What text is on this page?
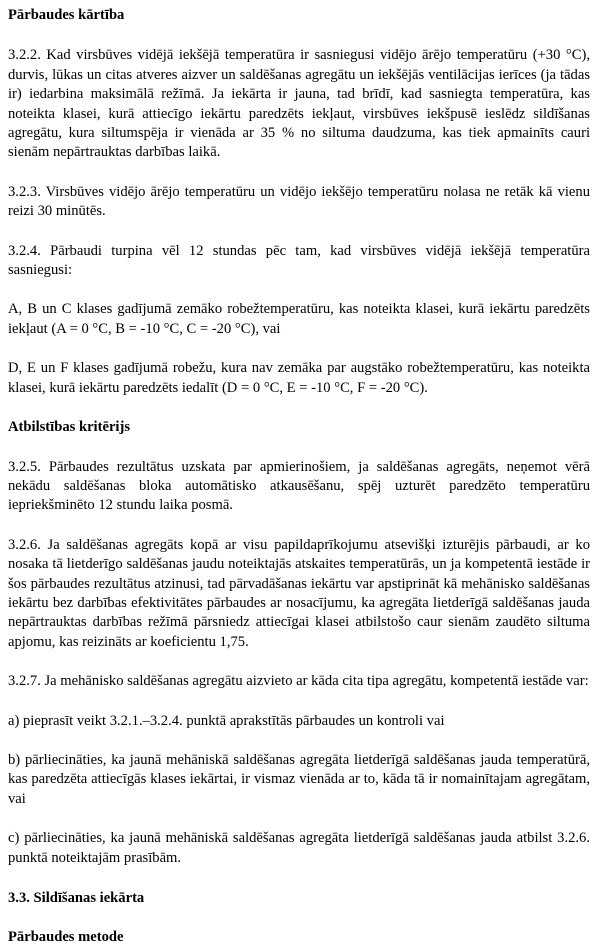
Pārbaudes kārtība

3.2.2. Kad virsbūves vidējā iekšējā temperatūra ir sasniegusi vidējo ārējo temperatūru (+30 °C), durvis, lūkas un citas atveres aizver un saldēšanas agregātu un iekšējās ventilācijas ierīces (ja tādas ir) iedarbina maksimālā režīmā. Ja iekārta ir jauna, tad brīdī, kad sasniegta temperatūra, kas noteikta klasei, kurā attiecīgo iekārtu paredzēts iekļaut, virsbūves iekšpusē ieslēdz sildīšanas agregātu, kura siltumspēja ir vienāda ar 35 % no siltuma daudzuma, kas tiek apmainīts cauri sienām nepārtrauktas darbības laikā.

3.2.3. Virsbūves vidējo ārējo temperatūru un vidējo iekšējo temperatūru nolasa ne retāk kā vienu reizi 30 minūtēs.

3.2.4. Pārbaudi turpina vēl 12 stundas pēc tam, kad virsbūves vidējā iekšējā temperatūra sasniegusi:

A, B un C klases gadījumā zemāko robežtemperatūru, kas noteikta klasei, kurā iekārtu paredzēts iekļaut (A = 0 °C, B = -10 °C, C = -20 °C), vai

D, E un F klases gadījumā robežu, kura nav zemāka par augstāko robežtemperatūru, kas noteikta klasei, kurā iekārtu paredzēts iedalīt (D = 0 °C, E = -10 °C, F = -20 °C).

Atbilstības kritērijs

3.2.5. Pārbaudes rezultātus uzskata par apmierinošiem, ja saldēšanas agregāts, neņemot vērā nekādu saldēšanas bloka automātisko atkausēšanu, spēj uzturēt paredzēto temperatūru iepriekšminēto 12 stundu laika posmā.

3.2.6. Ja saldēšanas agregāts kopā ar visu papildaprīkojumu atsevišķi izturējis pārbaudi, ar ko nosaka tā lietderīgo saldēšanas jaudu noteiktajās atskaites temperatūrās, un ja kompetentā iestāde ir šos pārbaudes rezultātus atzinusi, tad pārvadāšanas iekārtu var apstiprināt kā mehānisko saldēšanas iekārtu bez darbības efektivitātes pārbaudes ar nosacījumu, ka agregāta lietderīgā saldēšanas jauda nepārtrauktas darbības režīmā pārsniedz attiecīgai klasei atbilstošo caur sienām zaudēto siltuma apjomu, kas reizināts ar koeficientu 1,75.

3.2.7. Ja mehānisko saldēšanas agregātu aizvieto ar kāda cita tipa agregātu, kompetentā iestāde var:

a) pieprasīt veikt 3.2.1.–3.2.4. punktā aprakstītās pārbaudes un kontroli vai

b) pārliecināties, ka jaunā mehāniskā saldēšanas agregāta lietderīgā saldēšanas jauda temperatūrā, kas paredzēta attiecīgās klases iekārtai, ir vismaz vienāda ar to, kāda tā ir nomainītajam agregātam, vai

c) pārliecināties, ka jaunā mehāniskā saldēšanas agregāta lietderīgā saldēšanas jauda atbilst 3.2.6. punktā noteiktajām prasībām.

3.3. Sildīšanas iekārta

Pārbaudes metode
